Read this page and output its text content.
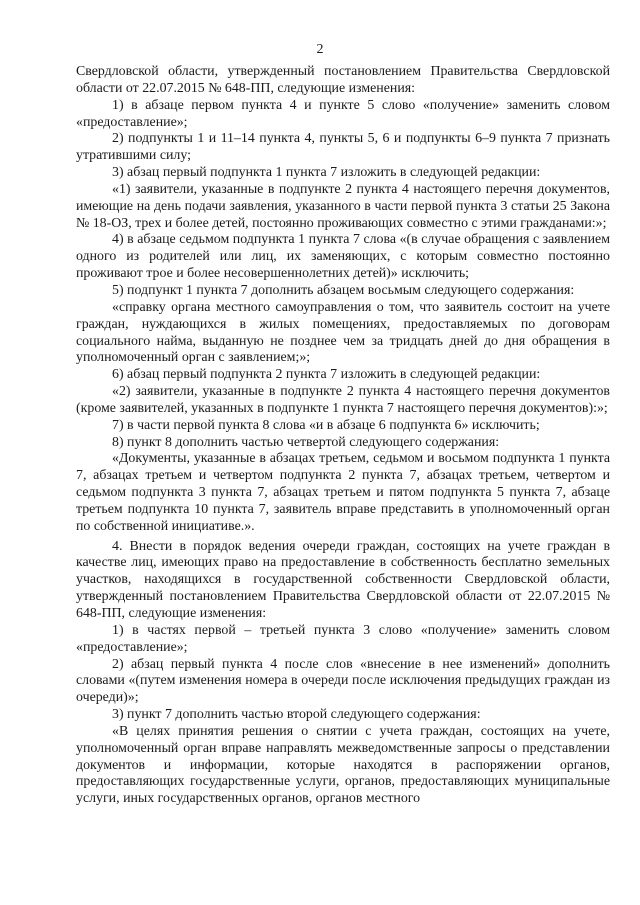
2

Свердловской области, утвержденный постановлением Правительства Свердловской области от 22.07.2015 № 648-ПП, следующие изменения:

1) в абзаце первом пункта 4 и пункте 5 слово «получение» заменить словом «предоставление»;

2) подпункты 1 и 11–14 пункта 4, пункты 5, 6 и подпункты 6–9 пункта 7 признать утратившими силу;

3) абзац первый подпункта 1 пункта 7 изложить в следующей редакции:

«1) заявители, указанные в подпункте 2 пункта 4 настоящего перечня документов, имеющие на день подачи заявления, указанного в части первой пункта 3 статьи 25 Закона № 18-ОЗ, трех и более детей, постоянно проживающих совместно с этими гражданами:»;

4) в абзаце седьмом подпункта 1 пункта 7 слова «(в случае обращения с заявлением одного из родителей или лиц, их заменяющих, с которым совместно постоянно проживают трое и более несовершеннолетних детей)» исключить;

5) подпункт 1 пункта 7 дополнить абзацем восьмым следующего содержания:

«справку органа местного самоуправления о том, что заявитель состоит на учете граждан, нуждающихся в жилых помещениях, предоставляемых по договорам социального найма, выданную не позднее чем за тридцать дней до дня обращения в уполномоченный орган с заявлением;»;

6) абзац первый подпункта 2 пункта 7 изложить в следующей редакции:

«2) заявители, указанные в подпункте 2 пункта 4 настоящего перечня документов (кроме заявителей, указанных в подпункте 1 пункта 7 настоящего перечня документов):»;

7) в части первой пункта 8 слова «и в абзаце 6 подпункта 6» исключить;

8) пункт 8 дополнить частью четвертой следующего содержания:

«Документы, указанные в абзацах третьем, седьмом и восьмом подпункта 1 пункта 7, абзацах третьем и четвертом подпункта 2 пункта 7, абзацах третьем, четвертом и седьмом подпункта 3 пункта 7, абзацах третьем и пятом подпункта 5 пункта 7, абзаце третьем подпункта 10 пункта 7, заявитель вправе представить в уполномоченный орган по собственной инициативе.».

4. Внести в порядок ведения очереди граждан, состоящих на учете граждан в качестве лиц, имеющих право на предоставление в собственность бесплатно земельных участков, находящихся в государственной собственности Свердловской области, утвержденный постановлением Правительства Свердловской области от 22.07.2015 № 648-ПП, следующие изменения:

1) в частях первой – третьей пункта 3 слово «получение» заменить словом «предоставление»;

2) абзац первый пункта 4 после слов «внесение в нее изменений» дополнить словами «(путем изменения номера в очереди после исключения предыдущих граждан из очереди)»;

3) пункт 7 дополнить частью второй следующего содержания:

«В целях принятия решения о снятии с учета граждан, состоящих на учете, уполномоченный орган вправе направлять межведомственные запросы о представлении документов и информации, которые находятся в распоряжении органов, предоставляющих государственные услуги, органов, предоставляющих муниципальные услуги, иных государственных органов, органов местного
